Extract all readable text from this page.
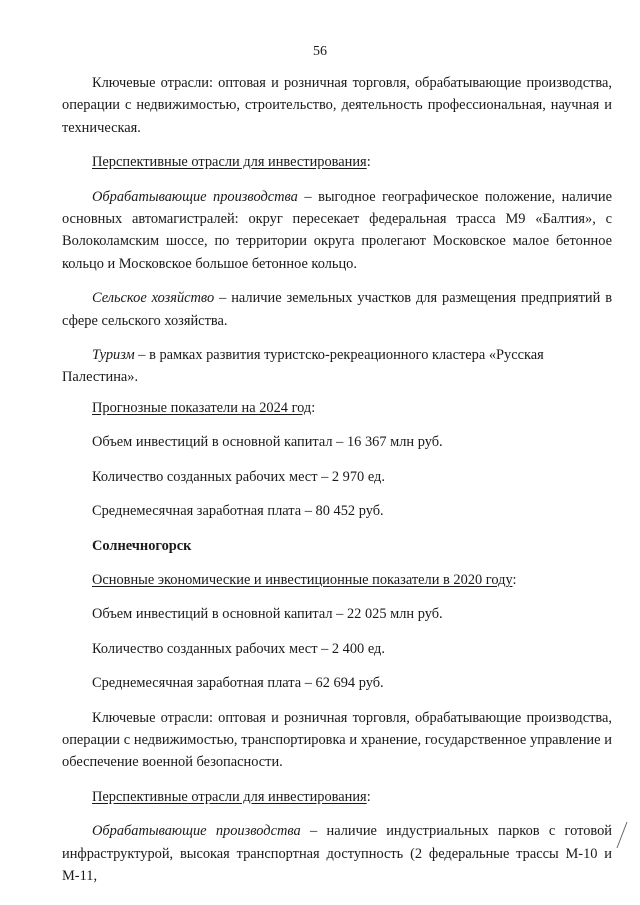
56

Ключевые отрасли: оптовая и розничная торговля, обрабатывающие производства, операции с недвижимостью, строительство, деятельность профессиональная, научная и техническая.

Перспективные отрасли для инвестирования:

Обрабатывающие производства – выгодное географическое положение, наличие основных автомагистралей: округ пересекает федеральная трасса М9 «Балтия», с Волоколамским шоссе, по территории округа пролегают Московское малое бетонное кольцо и Московское большое бетонное кольцо.

Сельское хозяйство – наличие земельных участков для размещения предприятий в сфере сельского хозяйства.

Туризм – в рамках развития туристско-рекреационного кластера «Русская Палестина».

Прогнозные показатели на 2024 год:

Объем инвестиций в основной капитал – 16 367 млн руб.

Количество созданных рабочих мест – 2 970 ед.

Среднемесячная заработная плата – 80 452 руб.

Солнечногорск

Основные экономические и инвестиционные показатели в 2020 году:

Объем инвестиций в основной капитал – 22 025 млн руб.

Количество созданных рабочих мест – 2 400 ед.

Среднемесячная заработная плата – 62 694 руб.

Ключевые отрасли: оптовая и розничная торговля, обрабатывающие производства, операции с недвижимостью, транспортировка и хранение, государственное управление и обеспечение военной безопасности.

Перспективные отрасли для инвестирования:

Обрабатывающие производства – наличие индустриальных парков с готовой инфраструктурой, высокая транспортная доступность (2 федеральные трассы М-10 и М-11,
